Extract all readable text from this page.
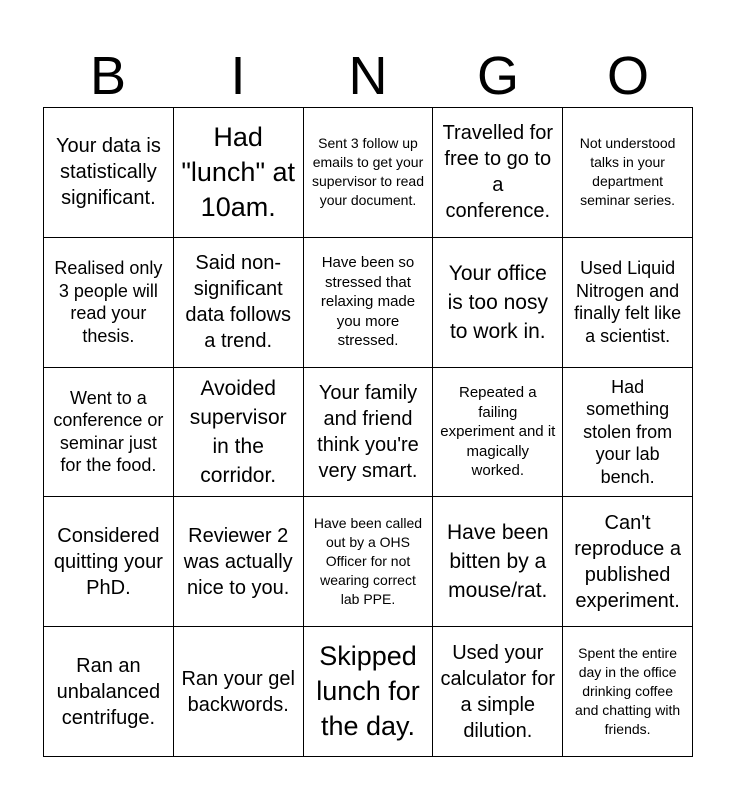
B	I	N	G	O
Your data is statistically significant.
Had "lunch" at 10am.
Sent 3 follow up emails to get your supervisor to read your document.
Travelled for free to go to a conference.
Not understood talks in your department seminar series.
Realised only 3 people will read your thesis.
Said non-significant data follows a trend.
Have been so stressed that relaxing made you more stressed.
Your office is too nosy to work in.
Used Liquid Nitrogen and finally felt like a scientist.
Went to a conference or seminar just for the food.
Avoided supervisor in the corridor.
Your family and friend think you're very smart.
Repeated a failing experiment and it magically worked.
Had something stolen from your lab bench.
Considered quitting your PhD.
Reviewer 2 was actually nice to you.
Have been called out by a OHS Officer for not wearing correct lab PPE.
Have been bitten by a mouse/rat.
Can't reproduce a published experiment.
Ran an unbalanced centrifuge.
Ran your gel backwords.
Skipped lunch for the day.
Used your calculator for a simple dilution.
Spent the entire day in the office drinking coffee and chatting with friends.
